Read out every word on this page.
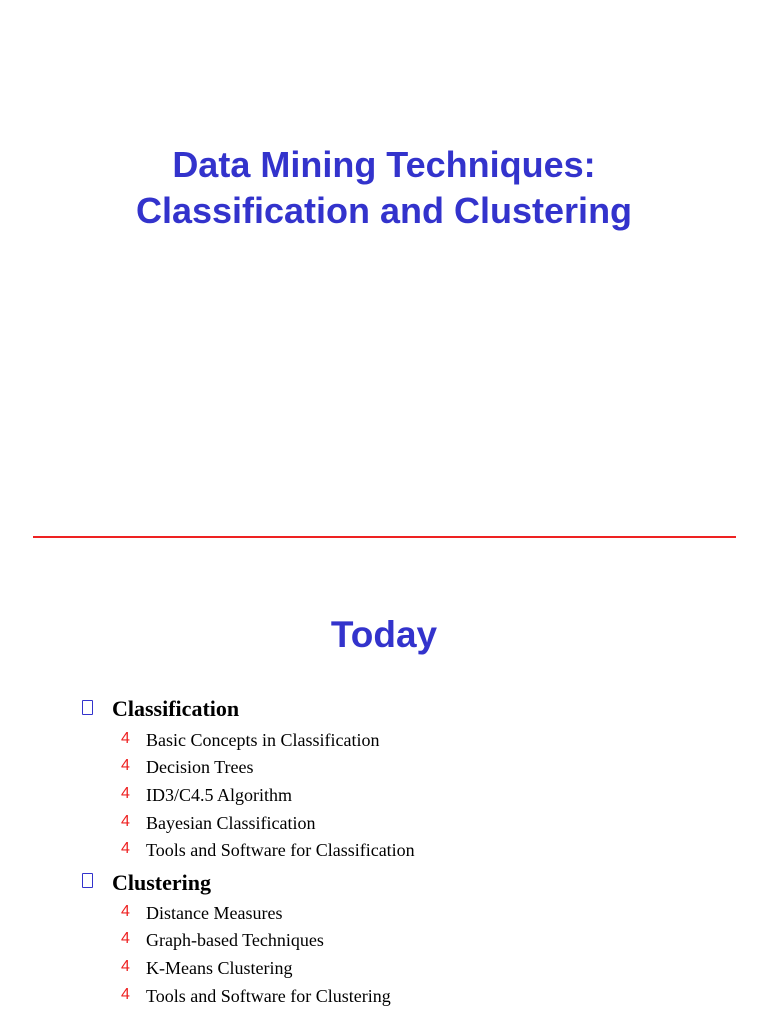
Data Mining Techniques:
Classification and Clustering
Today
Classification
4 Basic Concepts in Classification
4 Decision Trees
4 ID3/C4.5 Algorithm
4 Bayesian Classification
4 Tools and Software for Classification
Clustering
4 Distance Measures
4 Graph-based Techniques
4 K-Means Clustering
4 Tools and Software for Clustering
